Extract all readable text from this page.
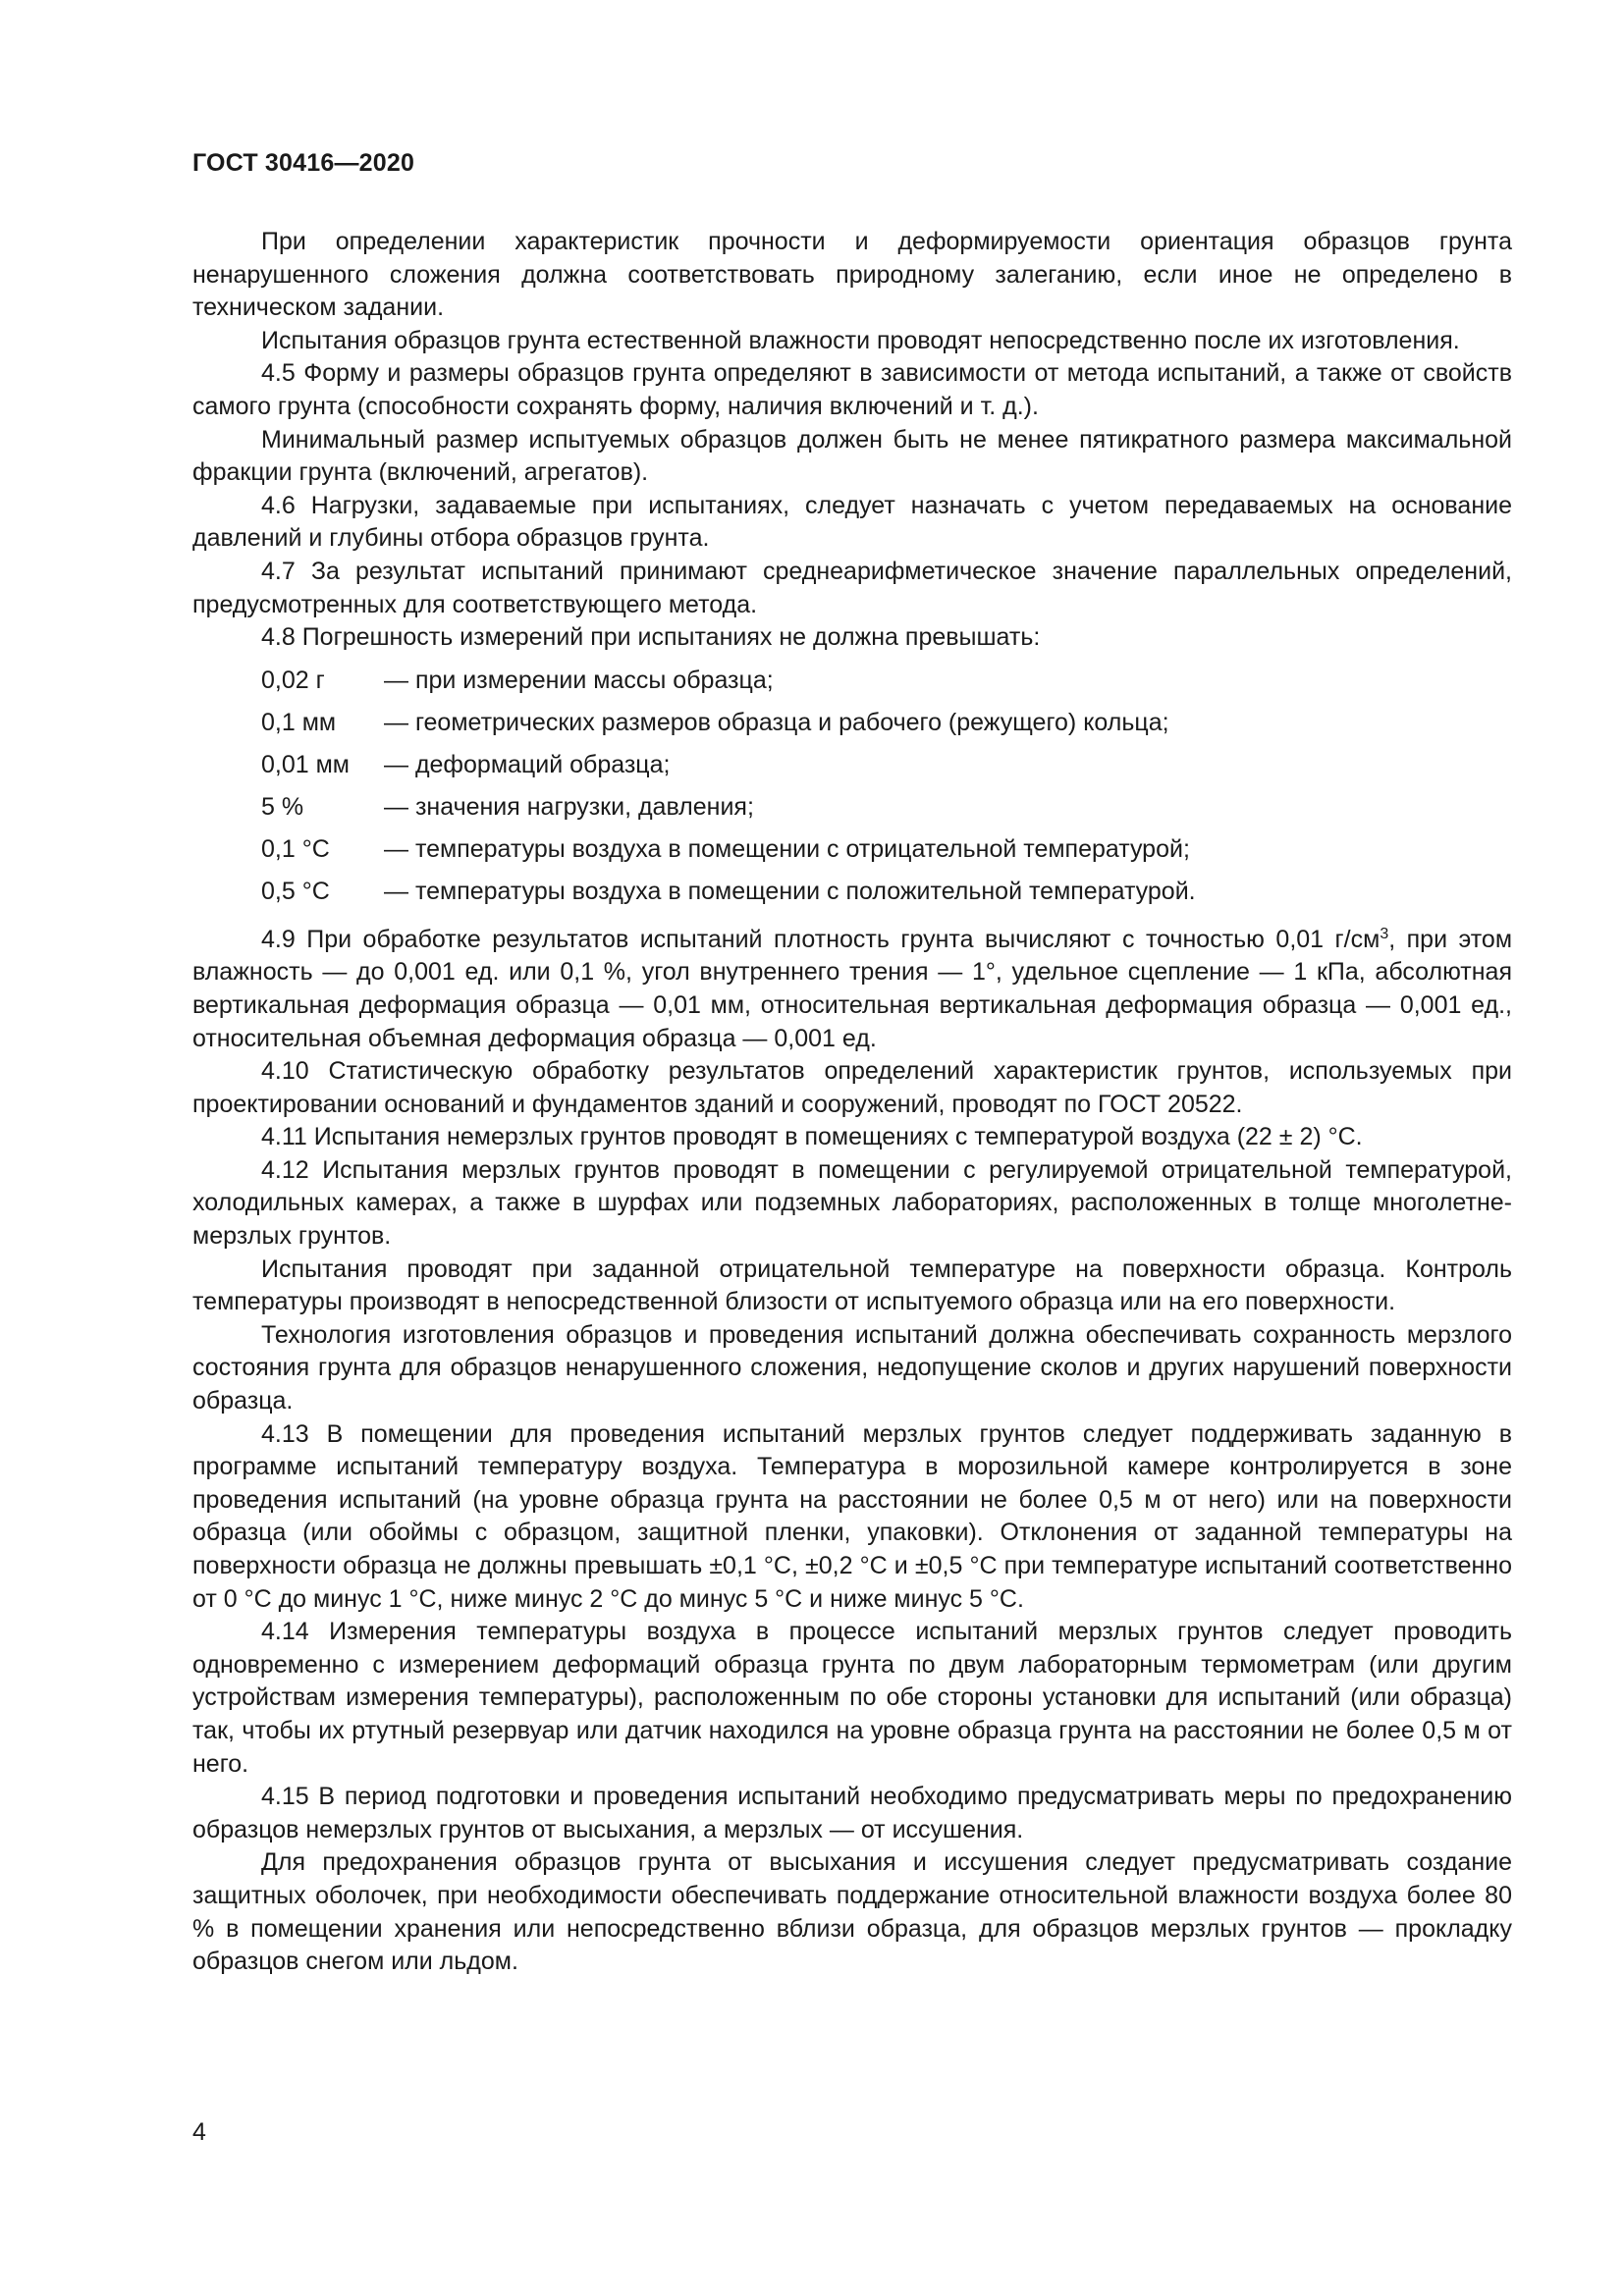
ГОСТ 30416—2020

При определении характеристик прочности и деформируемости ориентация образцов грунта ненарушенного сложения должна соответствовать природному залеганию, если иное не определено в техническом задании.

Испытания образцов грунта естественной влажности проводят непосредственно после их изготовления.

4.5 Форму и размеры образцов грунта определяют в зависимости от метода испытаний, а также от свойств самого грунта (способности сохранять форму, наличия включений и т. д.).

Минимальный размер испытуемых образцов должен быть не менее пятикратного размера максимальной фракции грунта (включений, агрегатов).

4.6 Нагрузки, задаваемые при испытаниях, следует назначать с учетом передаваемых на основание давлений и глубины отбора образцов грунта.

4.7 За результат испытаний принимают среднеарифметическое значение параллельных определений, предусмотренных для соответствующего метода.

4.8 Погрешность измерений при испытаниях не должна превышать:

0,02 г	— при измерении массы образца;
0,1 мм	— геометрических размеров образца и рабочего (режущего) кольца;
0,01 мм	— деформаций образца;
5 %	— значения нагрузки, давления;
0,1 °С	— температуры воздуха в помещении с отрицательной температурой;
0,5 °С	— температуры воздуха в помещении с положительной температурой.

4.9 При обработке результатов испытаний плотность грунта вычисляют с точностью 0,01 $г/см^3$, при этом влажность — до 0,001 ед. или 0,1 %, угол внутреннего трения — 1°, удельное сцепление — 1 кПа, абсолютная вертикальная деформация образца — 0,01 мм, относительная вертикальная деформация образца — 0,001 ед., относительная объемная деформация образца — 0,001 ед.

4.10 Статистическую обработку результатов определений характеристик грунтов, используемых при проектировании оснований и фундаментов зданий и сооружений, проводят по ГОСТ 20522.

4.11 Испытания немерзлых грунтов проводят в помещениях с температурой воздуха (22 ± 2) °С.

4.12 Испытания мерзлых грунтов проводят в помещении с регулируемой отрицательной температурой, холодильных камерах, а также в шурфах или подземных лабораториях, расположенных в толще многолетне-мерзлых грунтов.

Испытания проводят при заданной отрицательной температуре на поверхности образца. Контроль температуры производят в непосредственной близости от испытуемого образца или на его поверхности.

Технология изготовления образцов и проведения испытаний должна обеспечивать сохранность мерзлого состояния грунта для образцов ненарушенного сложения, недопущение сколов и других нарушений поверхности образца.

4.13 В помещении для проведения испытаний мерзлых грунтов следует поддерживать заданную в программе испытаний температуру воздуха. Температура в морозильной камере контролируется в зоне проведения испытаний (на уровне образца грунта на расстоянии не более 0,5 м от него) или на поверхности образца (или обоймы с образцом, защитной пленки, упаковки). Отклонения от заданной температуры на поверхности образца не должны превышать ±0,1 °С, ±0,2 °С и ±0,5 °С при температуре испытаний соответственно от 0 °С до минус 1 °С, ниже минус 2 °С до минус 5 °С и ниже минус 5 °С.

4.14 Измерения температуры воздуха в процессе испытаний мерзлых грунтов следует проводить одновременно с измерением деформаций образца грунта по двум лабораторным термометрам (или другим устройствам измерения температуры), расположенным по обе стороны установки для испытаний (или образца) так, чтобы их ртутный резервуар или датчик находился на уровне образца грунта на расстоянии не более 0,5 м от него.

4.15 В период подготовки и проведения испытаний необходимо предусматривать меры по предохранению образцов немерзлых грунтов от высыхания, а мерзлых — от иссушения.

Для предохранения образцов грунта от высыхания и иссушения следует предусматривать создание защитных оболочек, при необходимости обеспечивать поддержание относительной влажности воздуха более 80 % в помещении хранения или непосредственно вблизи образца, для образцов мерзлых грунтов — прокладку образцов снегом или льдом.

4
